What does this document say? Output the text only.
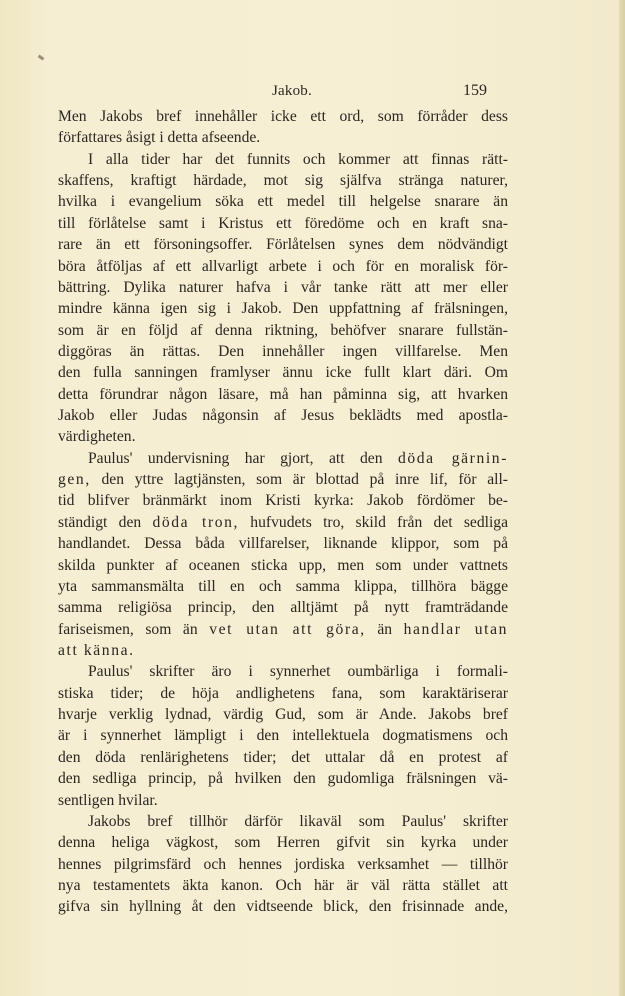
Jakob.	159
Men Jakobs bref innehåller icke ett ord, som förråder dess
författares åsigt i detta afseende.
I alla tider har det funnits och kommer att finnas rätt-
skaffens, kraftigt härdade, mot sig själfva stränga naturer,
hvilka i evangelium söka ett medel till helgelse snarare än
till förlåtelse samt i Kristus ett föredöme och en kraft sna-
rare än ett försoningsoffer. Förlåtelsen synes dem nödvändigt
böra åtföljas af ett allvarligt arbete i och för en moralisk för-
bättring. Dylika naturer hafva i vår tanke rätt att mer eller
mindre känna igen sig i Jakob. Den uppfattning af frälsningen,
som är en följd af denna riktning, behöfver snarare fullstän-
diggöras än rättas. Den innehåller ingen villfarelse. Men
den fulla sanningen framlyser ännu icke fullt klart däri. Om
detta förundrar någon läsare, må han påminna sig, att hvarken
Jakob eller Judas någonsin af Jesus beklädts med apostla-
värdigheten.
Paulus' undervisning har gjort, att den döda gärnin-
gen, den yttre lagtjänsten, som är blottad på inre lif, för all-
tid blifver bränmärkt inom Kristi kyrka: Jakob fördömer be-
ständigt den döda tron, hufvudets tro, skild från det sedliga
handlandet. Dessa båda villfarelser, liknande klippor, som på
skilda punkter af oceanen sticka upp, men som under vattnets
yta sammansmälta till en och samma klippa, tillhöra bägge
samma religiösa princip, den alltjämt på nytt framträdande
fariseismen, som än vet utan att göra, än handlar utan
att känna.
Paulus' skrifter äro i synnerhet oumbärliga i formali-
stiska tider; de höja andlighetens fana, som karaktäriserar
hvarje verklig lydnad, värdig Gud, som är Ande. Jakobs bref
är i synnerhet lämpligt i den intellektuela dogmatismens och
den döda renlärighetens tider; det uttalar då en protest af
den sedliga princip, på hvilken den gudomliga frälsningen vä-
sentligen hvilar.
Jakobs bref tillhör därför likaväl som Paulus' skrifter
denna heliga vägkost, som Herren gifvit sin kyrka under
hennes pilgrimsfärd och hennes jordiska verksamhet — tillhör
nya testamentets äkta kanon. Och här är väl rätta stället att
gifva sin hyllning åt den vidtseende blick, den frisinnade ande,
